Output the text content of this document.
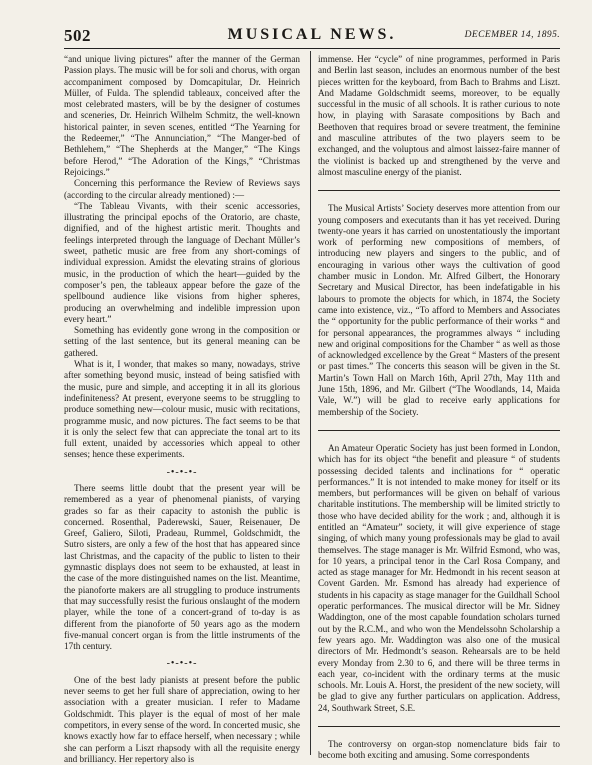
502	MUSICAL NEWS.	DECEMBER 14, 1895.

“and unique living pictures” after the manner of the German Passion plays. The music will be for soli and chorus, with organ accompaniment composed by Domcapitular, Dr. Heinrich Müller, of Fulda. The splendid tableaux, conceived after the most celebrated masters, will be by the designer of costumes and sceneries, Dr. Heinrich Wilhelm Schmitz, the well-known historical painter, in seven scenes, entitled “The Yearning for the Redeemer,” “The Annunciation,” “The Manger-bed of Bethlehem,” “The Shepherds at the Manger,” “The Kings before Herod,” “The Adoration of the Kings,” “Christmas Rejoicings.”

Concerning this performance the Review of Reviews says (according to the circular already mentioned) :—

“The Tableau Vivants, with their scenic accessories, illustrating the principal epochs of the Oratorio, are chaste, dignified, and of the highest artistic merit. Thoughts and feelings interpreted through the language of Dechant Müller’s sweet, pathetic music are free from any short-comings of individual expression. Amidst the elevating strains of glorious music, in the production of which the heart—guided by the composer’s pen, the tableaux appear before the gaze of the spellbound audience like visions from higher spheres, producing an overwhelming and indelible impression upon every heart.”

Something has evidently gone wrong in the composition or setting of the last sentence, but its general meaning can be gathered.

What is it, I wonder, that makes so many, nowadays, strive after something beyond music, instead of being satisfied with the music, pure and simple, and accepting it in all its glorious indefiniteness? At present, everyone seems to be struggling to produce something new—colour music, music with recitations, programme music, and now pictures. The fact seems to be that it is only the select few that can appreciate the tonal art to its full extent, unaided by accessories which appeal to other senses; hence these experiments.

-•-•-•-

There seems little doubt that the present year will be remembered as a year of phenomenal pianists, of varying grades so far as their capacity to astonish the public is concerned. Rosenthal, Paderewski, Sauer, Reisenauer, De Greef, Galiero, Siloti, Pradeau, Rummel, Goldschmidt, the Sutro sisters, are only a few of the host that has appeared since last Christmas, and the capacity of the public to listen to their gymnastic displays does not seem to be exhausted, at least in the case of the more distinguished names on the list. Meantime, the pianoforte makers are all struggling to produce instruments that may successfully resist the furious onslaught of the modern player, while the tone of a concert-grand of to-day is as different from the pianoforte of 50 years ago as the modern five-manual concert organ is from the little instruments of the 17th century.

-•-•-•-

One of the best lady pianists at present before the public never seems to get her full share of appreciation, owing to her association with a greater musician. I refer to Madame Goldschmidt. This player is the equal of most of her male competitors, in every sense of the word. In concerted music, she knows exactly how far to efface herself, when necessary ; while she can perform a Liszt rhapsody with all the requisite energy and brilliancy. Her repertory also is

immense. Her “cycle” of nine programmes, performed in Paris and Berlin last season, includes an enormous number of the best pieces written for the keyboard, from Bach to Brahms and Liszt. And Madame Goldschmidt seems, moreover, to be equally successful in the music of all schools. It is rather curious to note how, in playing with Sarasate compositions by Bach and Beethoven that requires broad or severe treatment, the feminine and masculine attributes of the two players seem to be exchanged, and the voluptous and almost laissez-faire manner of the violinist is backed up and strengthened by the verve and almost masculine energy of the pianist.

The Musical Artists’ Society deserves more attention from our young composers and executants than it has yet received. During twenty-one years it has carried on unostentatiously the important work of performing new compositions of members, of introducing new players and singers to the public, and of encouraging in various other ways the cultivation of good chamber music in London. Mr. Alfred Gilbert, the Honorary Secretary and Musical Director, has been indefatigable in his labours to promote the objects for which, in 1874, the Society came into existence, viz., “To afford to Members and Associates the “ opportunity for the public performance of their works “ and for personal appearances, the programmes always “ including new and original compositions for the Chamber “ as well as those of acknowledged excellence by the Great “ Masters of the present or past times.” The concerts this season will be given in the St. Martin’s Town Hall on March 16th, April 27th, May 11th and June 15th, 1896, and Mr. Gilbert (“The Woodlands, 14, Maida Vale, W.”) will be glad to receive early applications for membership of the Society.

An Amateur Operatic Society has just been formed in London, which has for its object “the benefit and pleasure “ of students possessing decided talents and inclinations for “ operatic performances.” It is not intended to make money for itself or its members, but performances will be given on behalf of various charitable institutions. The membership will be limited strictly to those who have decided ability for the work ; and, although it is entitled an “Amateur” society, it will give experience of stage singing, of which many young professionals may be glad to avail themselves. The stage manager is Mr. Wilfrid Esmond, who was, for 10 years, a principal tenor in the Carl Rosa Company, and acted as stage manager for Mr. Hedmondt in his recent season at Covent Garden. Mr. Esmond has already had experience of students in his capacity as stage manager for the Guildhall School operatic performances. The musical director will be Mr. Sidney Waddington, one of the most capable foundation scholars turned out by the R.C.M., and who won the Mendelssohn Scholarship a few years ago. Mr. Waddington was also one of the musical directors of Mr. Hedmondt’s season. Rehearsals are to be held every Monday from 2.30 to 6, and there will be three terms in each year, co-incident with the ordinary terms at the music schools. Mr. Louis A. Horst, the president of the new society, will be glad to give any further particulars on application. Address, 24, Southwark Street, S.E.

The controversy on organ-stop nomenclature bids fair to become both exciting and amusing. Some correspondents
